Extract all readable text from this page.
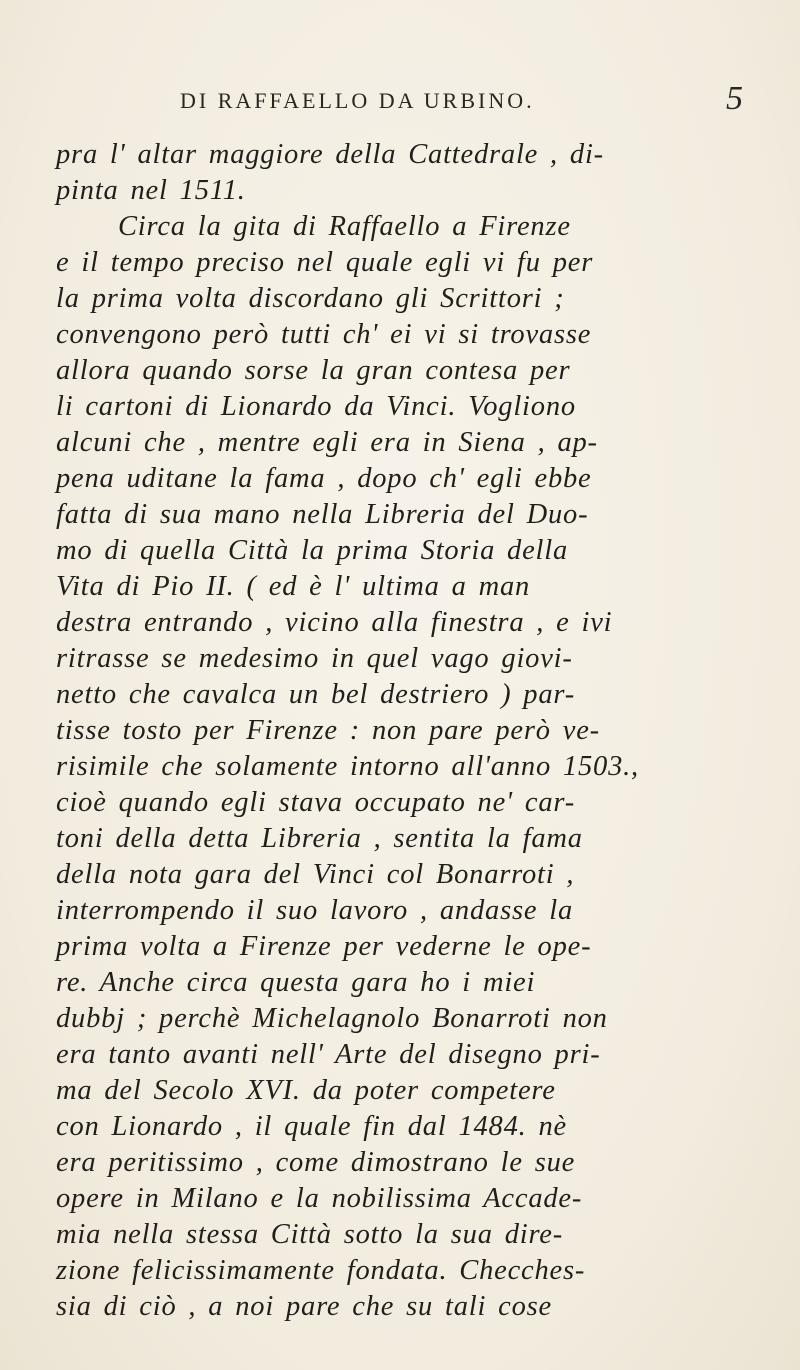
DI RAFFAELLO DA URBINO.	5
pra l' altar maggiore della Cattedrale , di-
pinta nel 1511.
Circa la gita di Raffaello a Firenze
e il tempo preciso nel quale egli vi fu per
la prima volta discordano gli Scrittori ;
convengono però tutti ch' ei vi si trovasse
allora quando sorse la gran contesa per
li cartoni di Lionardo da Vinci. Vogliono
alcuni che , mentre egli era in Siena , ap-
pena uditane la fama , dopo ch' egli ebbe
fatta di sua mano nella Libreria del Duo-
mo di quella Città la prima Storia della
Vita di Pio II. ( ed è l' ultima a man
destra entrando , vicino alla finestra , e ivi
ritrasse se medesimo in quel vago giovi-
netto che cavalca un bel destriero ) par-
tisse tosto per Firenze : non pare però ve-
risimile che solamente intorno all'anno 1503.,
cioè quando egli stava occupato ne' car-
toni della detta Libreria , sentita la fama
della nota gara del Vinci col Bonarroti ,
interrompendo il suo lavoro , andasse la
prima volta a Firenze per vederne le ope-
re. Anche circa questa gara ho i miei
dubbj ; perchè Michelagnolo Bonarroti non
era tanto avanti nell' Arte del disegno pri-
ma del Secolo XVI. da poter competere
con Lionardo , il quale fin dal 1484. nè
era peritissimo , come dimostrano le sue
opere in Milano e la nobilissima Accade-
mia nella stessa Città sotto la sua dire-
zione felicissimamente fondata. Checches-
sia di ciò , a noi pare che su tali cose
